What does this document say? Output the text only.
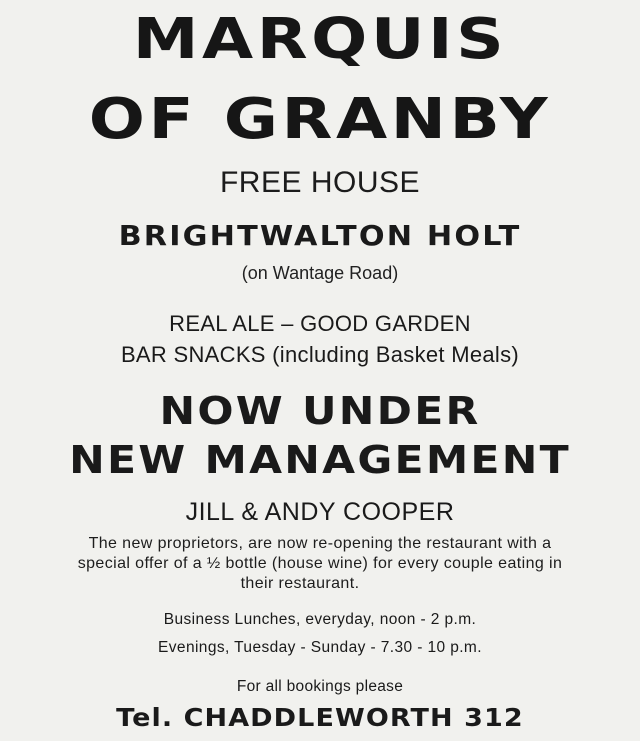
MARQUIS
OF GRANBY
FREE HOUSE
BRIGHTWALTON HOLT
(on Wantage Road)
REAL ALE – GOOD GARDEN
BAR SNACKS (including Basket Meals)
NOW UNDER
NEW MANAGEMENT
JILL & ANDY COOPER
The new proprietors, are now re-opening the restaurant with a
special offer of a ½ bottle (house wine) for every couple eating in
their restaurant.
Business Lunches, everyday, noon - 2 p.m.
Evenings, Tuesday - Sunday - 7.30 - 10 p.m.
For all bookings please
Tel. CHADDLEWORTH 312
